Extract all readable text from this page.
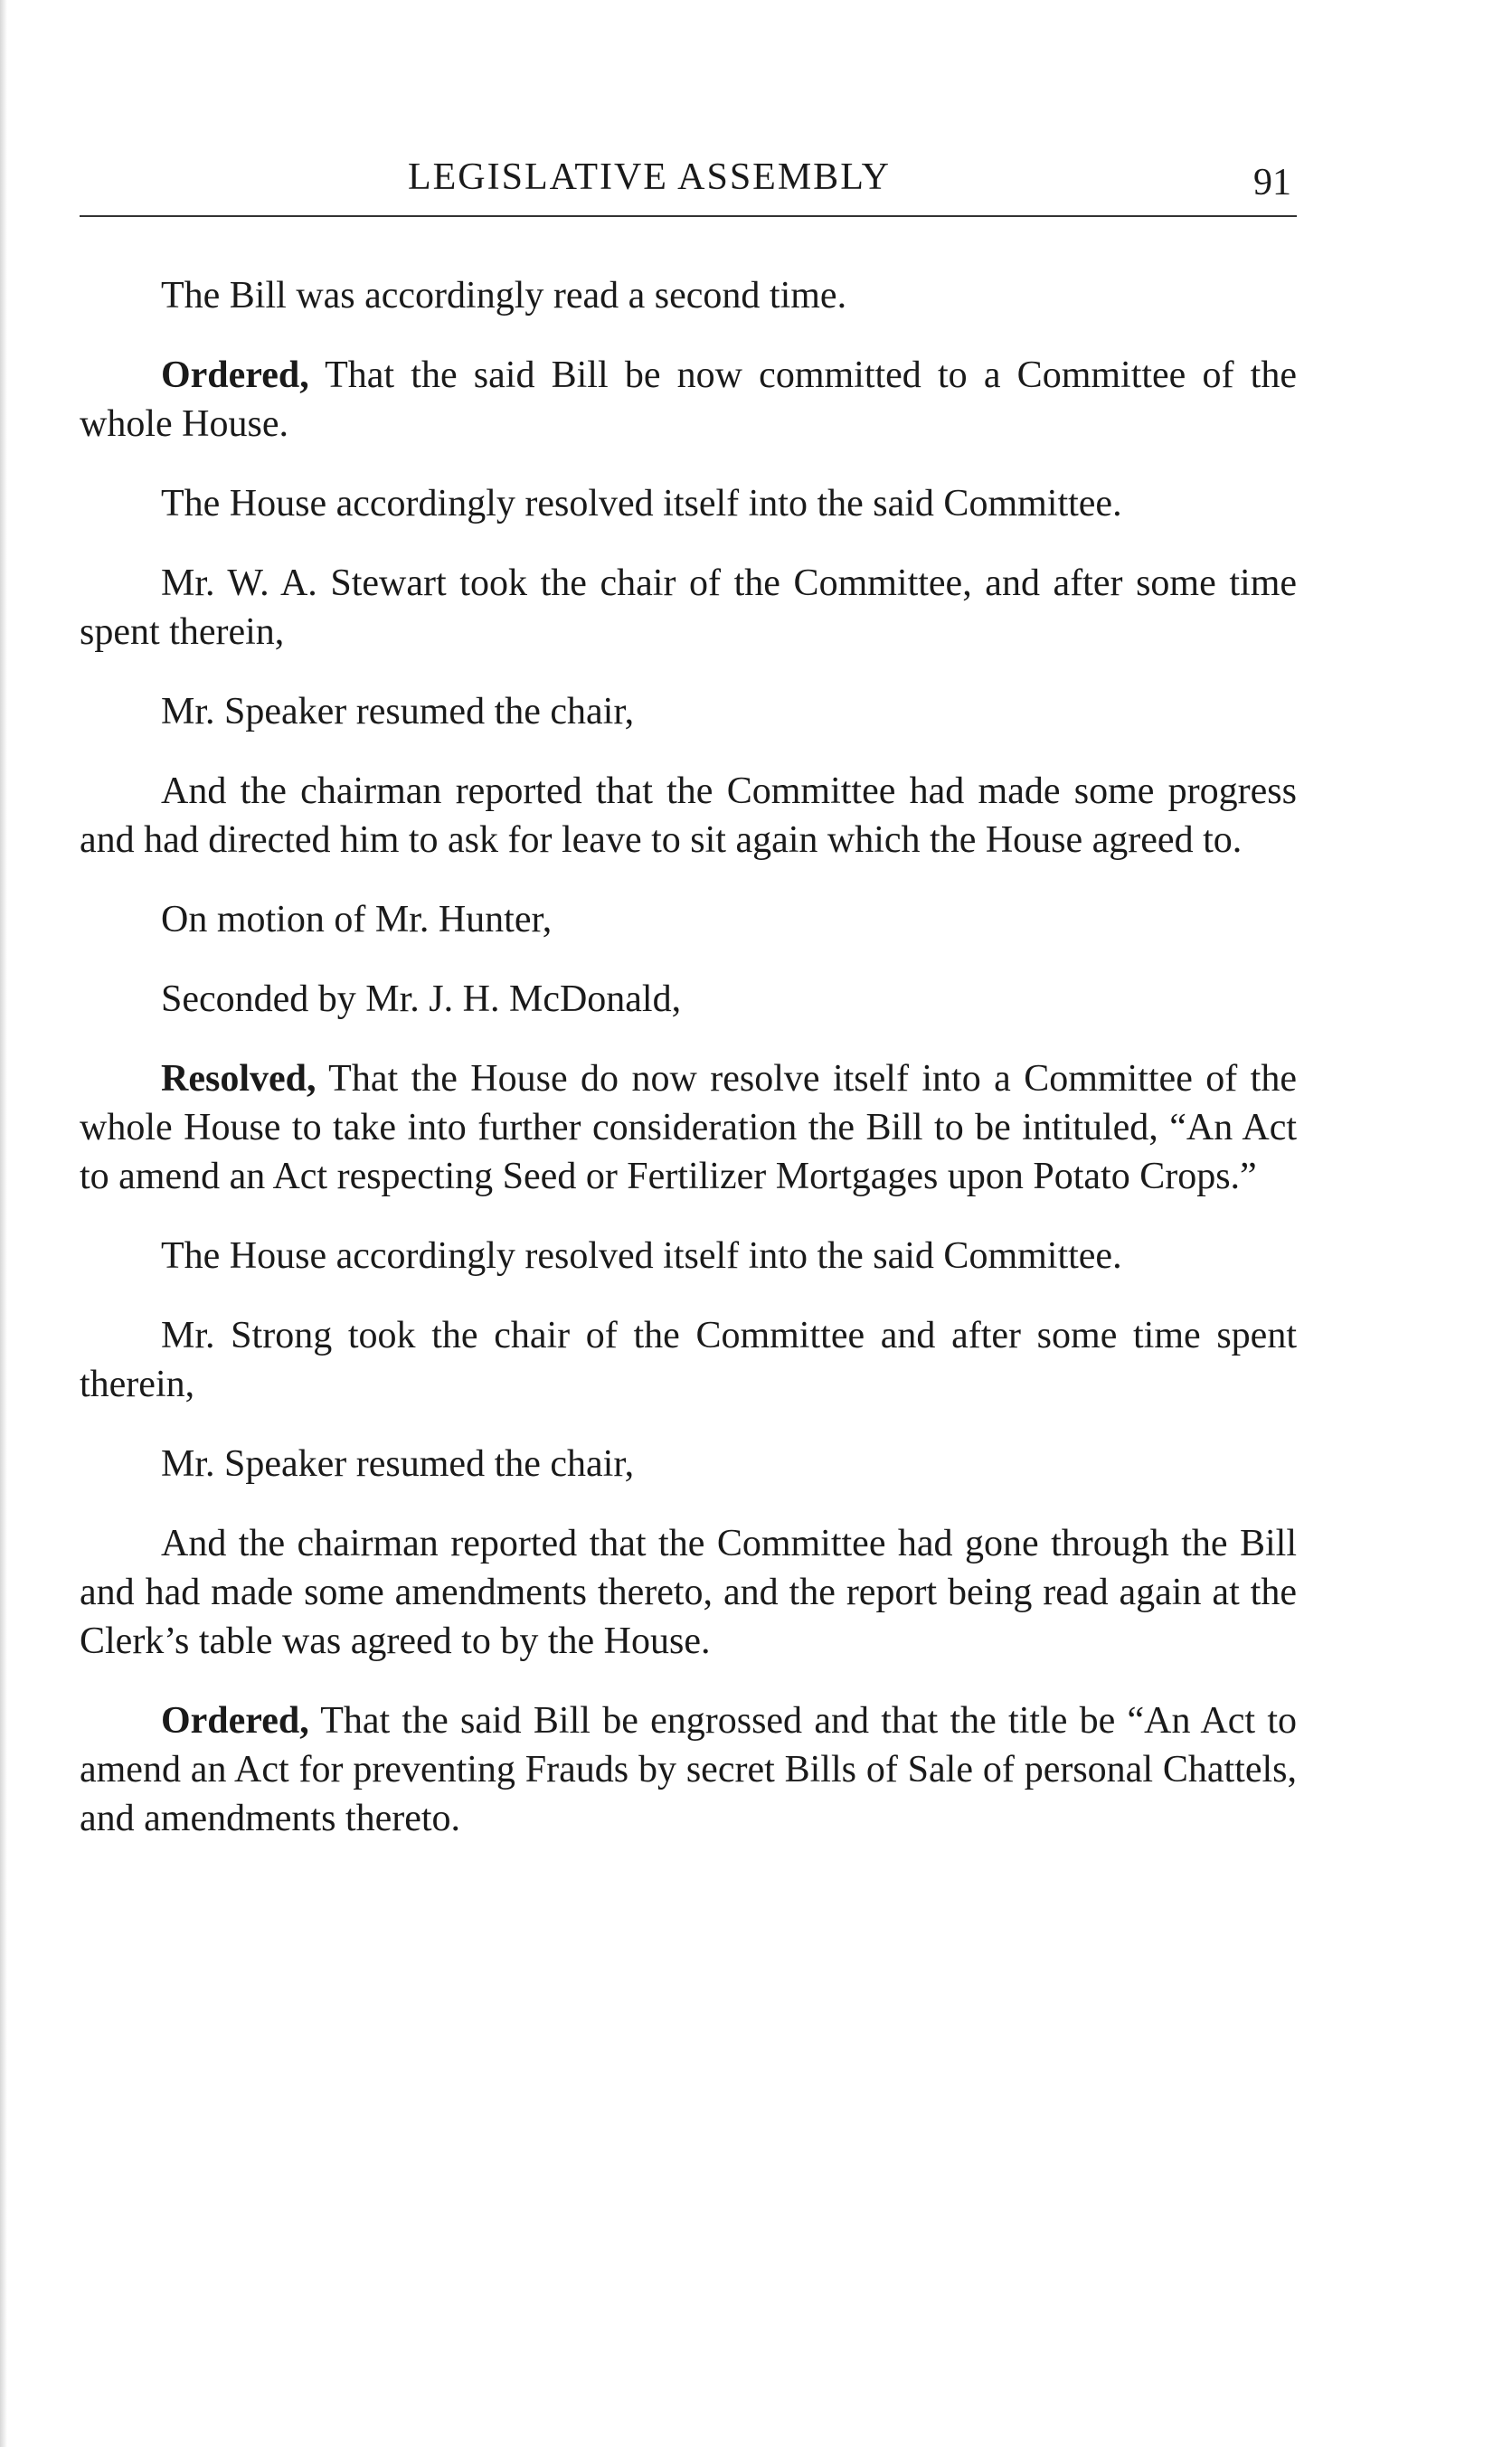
LEGISLATIVE ASSEMBLY	91

The Bill was accordingly read a second time.

Ordered, That the said Bill be now committed to a Committee of the whole House.

The House accordingly resolved itself into the said Committee.

Mr. W. A. Stewart took the chair of the Committee, and after some time spent therein,

Mr. Speaker resumed the chair,

And the chairman reported that the Committee had made some progress and had directed him to ask for leave to sit again which the House agreed to.

On motion of Mr. Hunter,

Seconded by Mr. J. H. McDonald,

Resolved, That the House do now resolve itself into a Committee of the whole House to take into further consideration the Bill to be intituled, “An Act to amend an Act respecting Seed or Fertilizer Mortgages upon Potato Crops.”

The House accordingly resolved itself into the said Committee.

Mr. Strong took the chair of the Committee and after some time spent therein,

Mr. Speaker resumed the chair,

And the chairman reported that the Committee had gone through the Bill and had made some amendments thereto, and the report being read again at the Clerk’s table was agreed to by the House.

Ordered, That the said Bill be engrossed and that the title be “An Act to amend an Act for preventing Frauds by secret Bills of Sale of personal Chattels, and amendments thereto.
